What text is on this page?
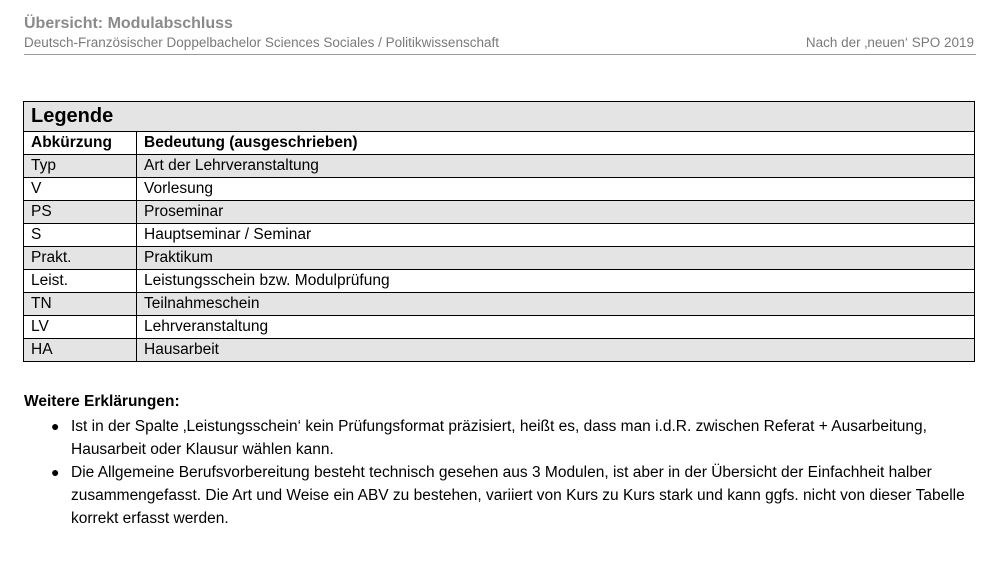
Übersicht: Modulabschluss
Deutsch-Französischer Doppelbachelor Sciences Sociales / Politikwissenschaft	Nach der ‚neuen‘ SPO 2019
Legende	
Abkürzung	Bedeutung (ausgeschrieben)
Typ	Art der Lehrveranstaltung
V	Vorlesung
PS	Proseminar
S	Hauptseminar / Seminar
Prakt.	Praktikum
Leist.	Leistungsschein bzw. Modulprüfung
TN	Teilnahmeschein
LV	Lehrveranstaltung
HA	Hausarbeit
Weitere Erklärungen:
● Ist in der Spalte ‚Leistungsschein‘ kein Prüfungsformat präzisiert, heißt es, dass man i.d.R. zwischen Referat + Ausarbeitung, Hausarbeit oder Klausur wählen kann.
● Die Allgemeine Berufsvorbereitung besteht technisch gesehen aus 3 Modulen, ist aber in der Übersicht der Einfachheit halber zusammengefasst. Die Art und Weise ein ABV zu bestehen, variiert von Kurs zu Kurs stark und kann ggfs. nicht von dieser Tabelle korrekt erfasst werden.
